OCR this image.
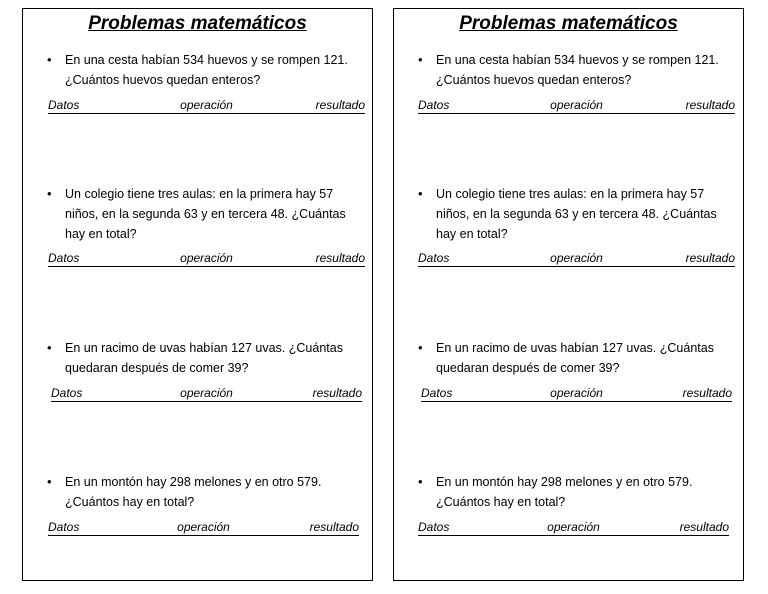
Problemas matemáticos
• En una cesta habían 534 huevos y se rompen 121. ¿Cuántos huevos quedan enteros?
Datos	operación	resultado
• Un colegio tiene tres aulas: en la primera hay 57 niños, en la segunda 63 y en tercera 48. ¿Cuántas hay en total?
Datos	operación	resultado
• En un racimo de uvas habían 127 uvas. ¿Cuántas quedaran después de comer 39?
Datos	operación	resultado
• En un montón hay 298 melones y en otro 579. ¿Cuántos hay en total?
Datos	operación	resultado
Problemas matemáticos
• En una cesta habían 534 huevos y se rompen 121. ¿Cuántos huevos quedan enteros?
Datos	operación	resultado
• Un colegio tiene tres aulas: en la primera hay 57 niños, en la segunda 63 y en tercera 48. ¿Cuántas hay en total?
Datos	operación	resultado
• En un racimo de uvas habían 127 uvas. ¿Cuántas quedaran después de comer 39?
Datos	operación	resultado
• En un montón hay 298 melones y en otro 579. ¿Cuántos hay en total?
Datos	operación	resultado
